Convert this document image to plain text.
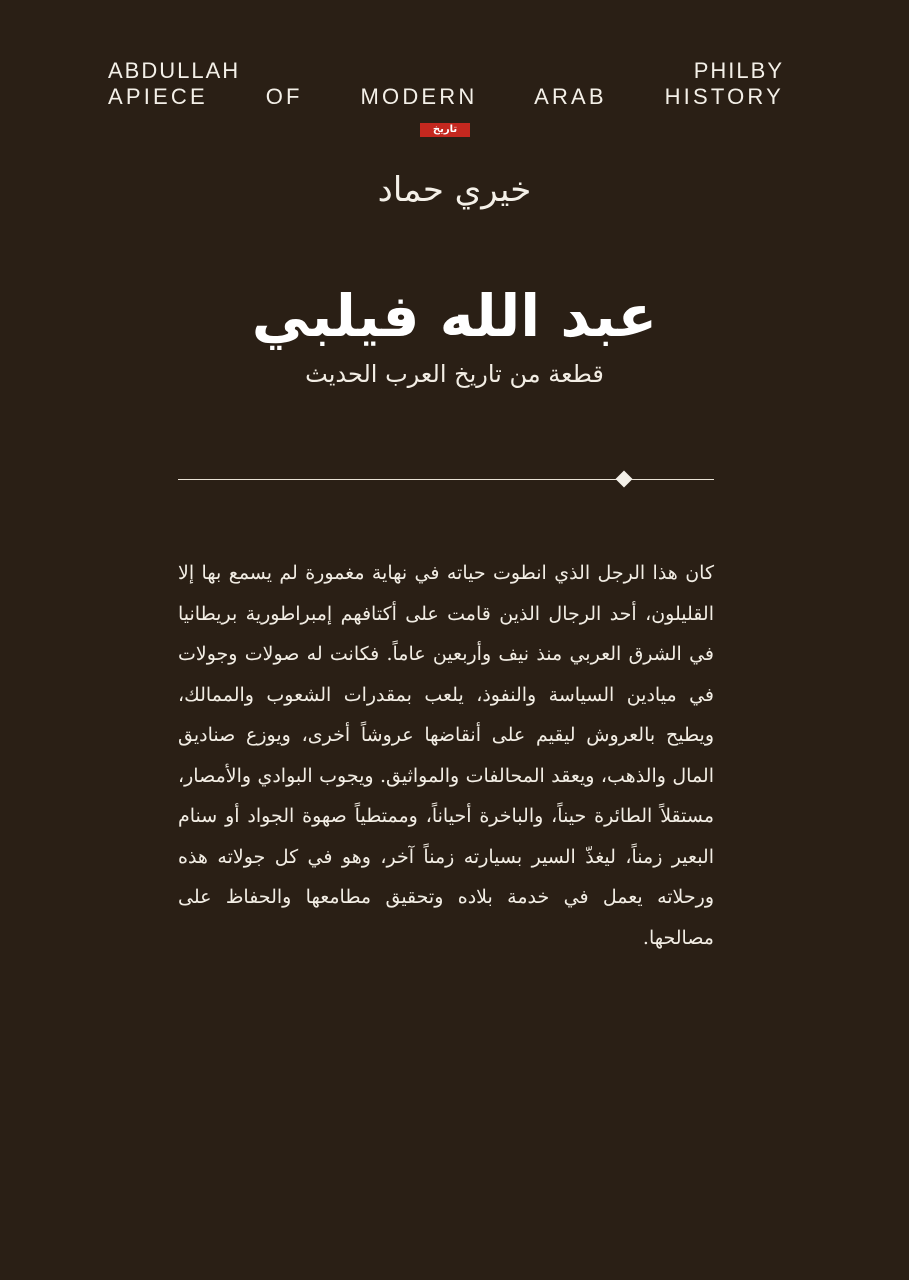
ABDULLAH PHILBY
APIECE OF MODERN ARAB HISTORY
تاريخ
خيري حماد
عبد الله فيلبي
قطعة من تاريخ العرب الحديث

كان هذا الرجل الذي انطوت حياته في نهاية مغمورة لم يسمع بها إلا القليلون، أحد الرجال الذين قامت على أكتافهم إمبراطورية بريطانيا في الشرق العربي منذ نيف وأربعين عاماً. فكانت له صولات وجولات في ميادين السياسة والنفوذ، يلعب بمقدرات الشعوب والممالك، ويطيح بالعروش ليقيم على أنقاضها عروشاً أخرى، ويوزع صناديق المال والذهب، ويعقد المحالفات والمواثيق. ويجوب البوادي والأمصار، مستقلاً الطائرة حيناً، والباخرة أحياناً، وممتطياً صهوة الجواد أو سنام البعير زمناً، ليغذّ السير بسيارته زمناً آخر، وهو في كل جولاته هذه ورحلاته يعمل في خدمة بلاده وتحقيق مطامعها والحفاظ على مصالحها.
